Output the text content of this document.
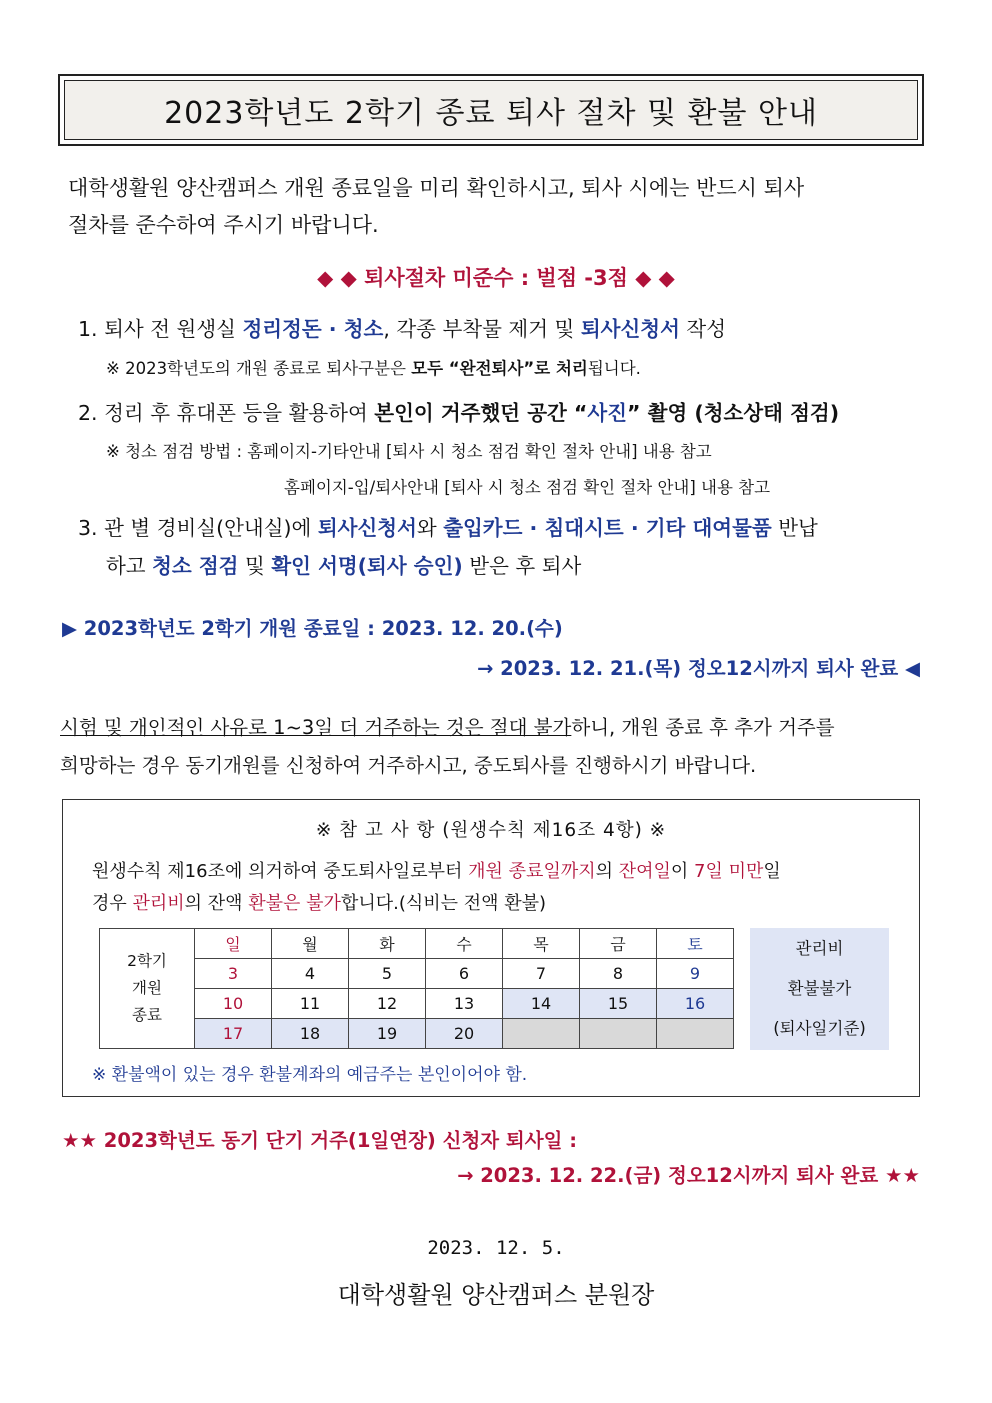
2023학년도 2학기 종료 퇴사 절차 및 환불 안내
대학생활원 양산캠퍼스 개원 종료일을 미리 확인하시고, 퇴사 시에는 반드시 퇴사
절차를 준수하여 주시기 바랍니다.
◆ ◆ 퇴사절차 미준수 : 벌점 -3점 ◆ ◆
1. 퇴사 전 원생실 정리정돈 · 청소, 각종 부착물 제거 및 퇴사신청서 작성
※ 2023학년도의 개원 종료로 퇴사구분은 모두 “완전퇴사”로 처리됩니다.
2. 정리 후 휴대폰 등을 활용하여 본인이 거주했던 공간 “사진” 촬영 (청소상태 점검)
※ 청소 점검 방법 : 홈페이지-기타안내 [퇴사 시 청소 점검 확인 절차 안내] 내용 참고
홈페이지-입/퇴사안내 [퇴사 시 청소 점검 확인 절차 안내] 내용 참고
3. 관 별 경비실(안내실)에 퇴사신청서와 출입카드 · 침대시트 · 기타 대여물품 반납
하고 청소 점검 및 확인 서명(퇴사 승인) 받은 후 퇴사
▶ 2023학년도 2학기 개원 종료일 : 2023. 12. 20.(수)
→ 2023. 12. 21.(목) 정오12시까지 퇴사 완료 ◀
시험 및 개인적인 사유로 1~3일 더 거주하는 것은 절대 불가하니, 개원 종료 후 추가 거주를
희망하는 경우 동기개원를 신청하여 거주하시고, 중도퇴사를 진행하시기 바랍니다.
※ 참 고 사 항 (원생수칙 제16조 4항) ※
원생수칙 제16조에 의거하여 중도퇴사일로부터 개원 종료일까지의 잔여일이 7일 미만일
경우 관리비의 잔액 환불은 불가합니다.(식비는 전액 환불)
2학기
개원
종료	일	월	화	수	목	금	토
	3	4	5	6	7	8	9
	10	11	12	13	14	15	16
	17	18	19	20			
관리비
환불불가
(퇴사일기준)
※ 환불액이 있는 경우 환불계좌의 예금주는 본인이어야 함.
★★ 2023학년도 동기 단기 거주(1일연장) 신청자 퇴사일 :
→ 2023. 12. 22.(금) 정오12시까지 퇴사 완료 ★★
2023. 12. 5.
대학생활원 양산캠퍼스 분원장
